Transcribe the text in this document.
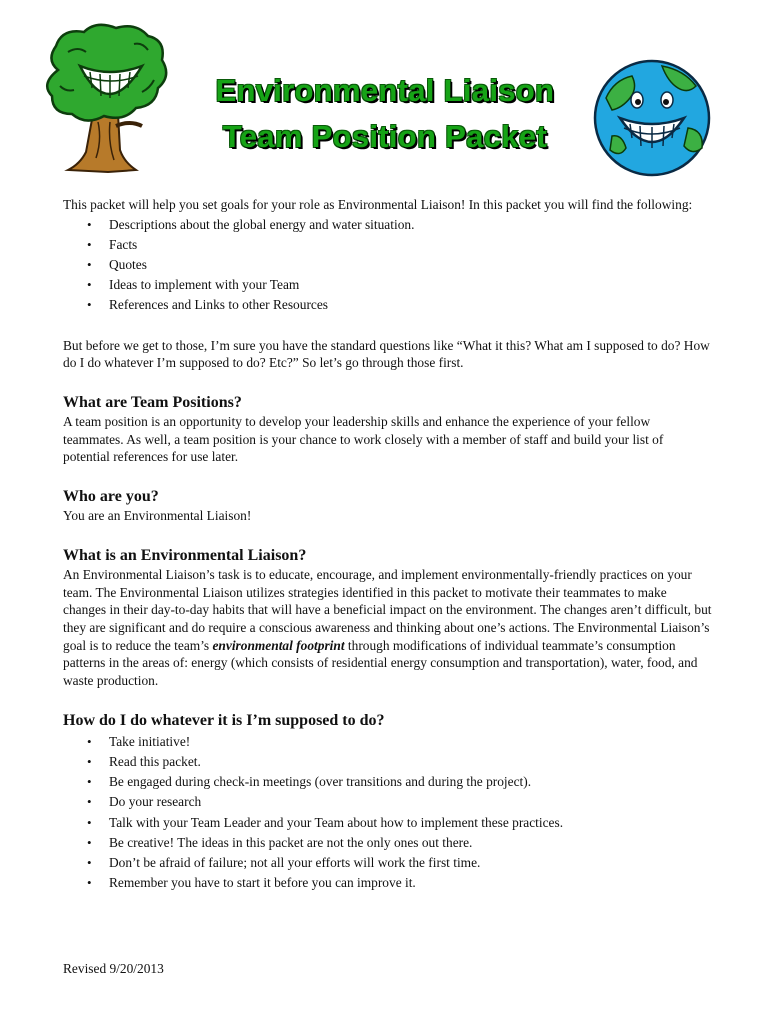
Environmental Liaison
Team Position Packet

This packet will help you set goals for your role as Environmental Liaison! In this packet you will find the following:

• Descriptions about the global energy and water situation.
• Facts
• Quotes
• Ideas to implement with your Team
• References and Links to other Resources

But before we get to those, I’m sure you have the standard questions like “What it this? What am I supposed to do? How do I do whatever I’m supposed to do? Etc?” So let’s go through those first.

What are Team Positions?

A team position is an opportunity to develop your leadership skills and enhance the experience of your fellow teammates. As well, a team position is your chance to work closely with a member of staff and build your list of potential references for use later.

Who are you?

You are an Environmental Liaison!

What is an Environmental Liaison?

An Environmental Liaison’s task is to educate, encourage, and implement environmentally-friendly practices on your team. The Environmental Liaison utilizes strategies identified in this packet to motivate their teammates to make changes in their day-to-day habits that will have a beneficial impact on the environment. The changes aren’t difficult, but they are significant and do require a conscious awareness and thinking about one’s actions. The Environmental Liaison’s goal is to reduce the team’s environmental footprint through modifications of individual teammate’s consumption patterns in the areas of: energy (which consists of residential energy consumption and transportation), water, food, and waste production.

How do I do whatever it is I’m supposed to do?
• Take initiative!
• Read this packet.
• Be engaged during check-in meetings (over transitions and during the project).
• Do your research
• Talk with your Team Leader and your Team about how to implement these practices.
• Be creative! The ideas in this packet are not the only ones out there.
• Don’t be afraid of failure; not all your efforts will work the first time.
• Remember you have to start it before you can improve it.
Revised 9/20/2013
